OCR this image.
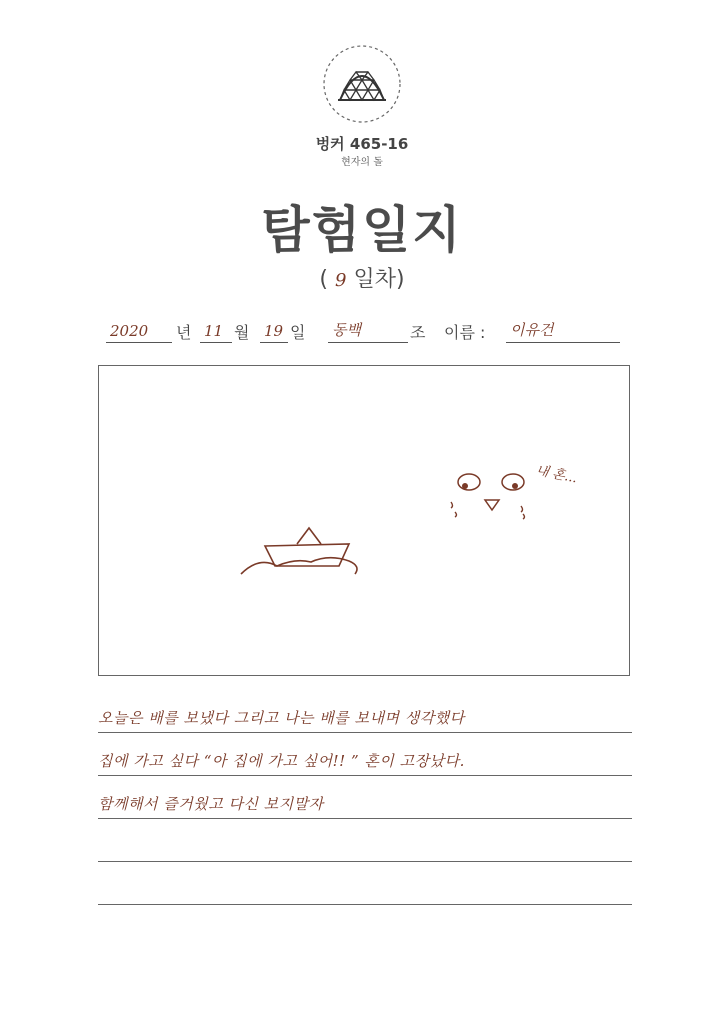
벙커 465-16
현자의 돌
탐험일지
( 9 일차)
2020 년 11 월 19 일 동백	조 이름 : 이유건
내 혼...
오늘은 배를 보냈다 그리고 나는 배를 보내며 생각했다
집에 가고 싶다 “아 집에 가고 싶어!! ” 혼이 고장났다.
함께해서 즐거웠고 다신 보지말자
